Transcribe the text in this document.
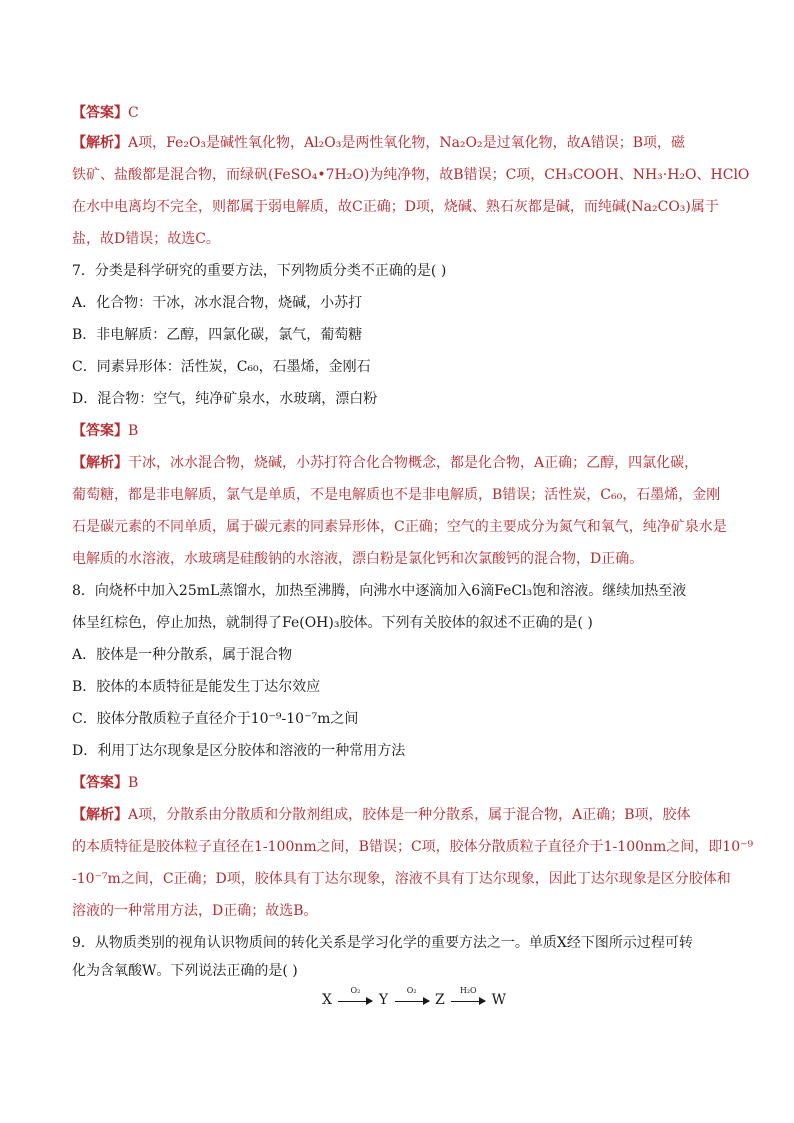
【答案】C
【解析】A项，Fe₂O₃是碱性氧化物，Al₂O₃是两性氧化物，Na₂O₂是过氧化物，故A错误；B项，磁
铁矿、盐酸都是混合物，而绿矾(FeSO₄•7H₂O)为纯净物，故B错误；C项，CH₃COOH、NH₃·H₂O、HClO
在水中电离均不完全，则都属于弱电解质，故C正确；D项，烧碱、熟石灰都是碱，而纯碱(Na₂CO₃)属于
盐，故D错误；故选C。
7．分类是科学研究的重要方法，下列物质分类不正确的是( )
A．化合物：干冰，冰水混合物，烧碱，小苏打
B．非电解质：乙醇，四氯化碳，氯气，葡萄糖
C．同素异形体：活性炭，C₆₀，石墨烯，金刚石
D．混合物：空气，纯净矿泉水，水玻璃，漂白粉
【答案】B
【解析】干冰，冰水混合物，烧碱，小苏打符合化合物概念，都是化合物，A正确；乙醇，四氯化碳，
葡萄糖，都是非电解质，氯气是单质，不是电解质也不是非电解质，B错误；活性炭，C₆₀，石墨烯，金刚
石是碳元素的不同单质，属于碳元素的同素异形体，C正确；空气的主要成分为氮气和氧气，纯净矿泉水是
电解质的水溶液，水玻璃是硅酸钠的水溶液，漂白粉是氯化钙和次氯酸钙的混合物，D正确。
8．向烧杯中加入25mL蒸馏水，加热至沸腾，向沸水中逐滴加入6滴FeCl₃饱和溶液。继续加热至液
体呈红棕色，停止加热，就制得了Fe(OH)₃胶体。下列有关胶体的叙述不正确的是( )
A．胶体是一种分散系，属于混合物
B．胶体的本质特征是能发生丁达尔效应
C．胶体分散质粒子直径介于10⁻⁹-10⁻⁷m之间
D．利用丁达尔现象是区分胶体和溶液的一种常用方法
【答案】B
【解析】A项，分散系由分散质和分散剂组成，胶体是一种分散系，属于混合物，A正确；B项，胶体
的本质特征是胶体粒子直径在1-100nm之间，B错误；C项，胶体分散质粒子直径介于1-100nm之间，即10⁻⁹
-10⁻⁷m之间，C正确；D项，胶体具有丁达尔现象，溶液不具有丁达尔现象，因此丁达尔现象是区分胶体和
溶液的一种常用方法，D正确；故选B。
9．从物质类别的视角认识物质间的转化关系是学习化学的重要方法之一。单质X经下图所示过程可转
化为含氧酸W。下列说法正确的是( )
X
O₂
Y
O₂
Z
H₂O
W
